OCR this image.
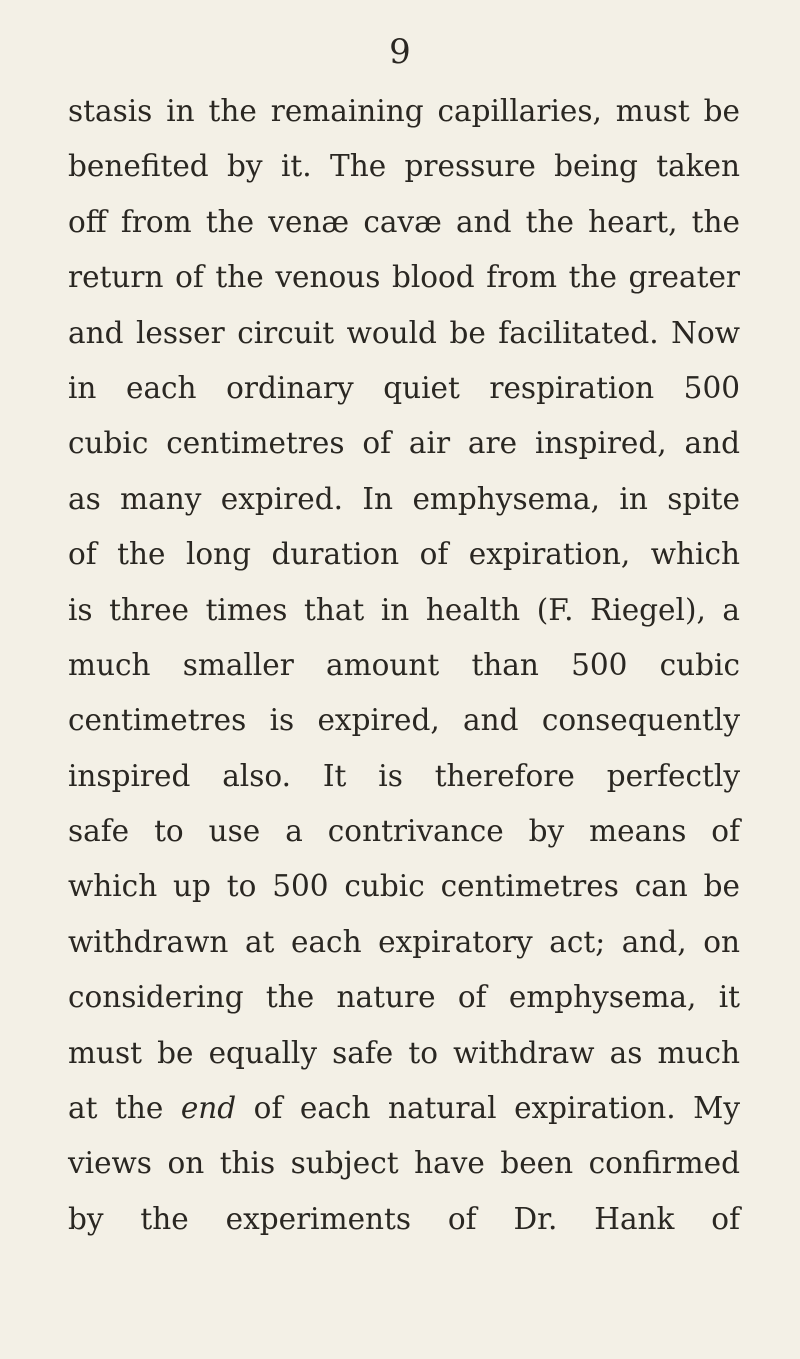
9
stasis in the remaining capillaries, must be
benefited by it. The pressure being taken
off from the venæ cavæ and the heart, the
return of the venous blood from the greater
and lesser circuit would be facilitated. Now
in each ordinary quiet respiration 500
cubic centimetres of air are inspired, and
as many expired. In emphysema, in spite
of the long duration of expiration, which
is three times that in health (F. Riegel), a
much smaller amount than 500 cubic
centimetres is expired, and consequently
inspired also. It is therefore perfectly
safe to use a contrivance by means of
which up to 500 cubic centimetres can be
withdrawn at each expiratory act; and, on
considering the nature of emphysema, it
must be equally safe to withdraw as much
at the end of each natural expiration. My
views on this subject have been confirmed
by the experiments of Dr. Hank of
